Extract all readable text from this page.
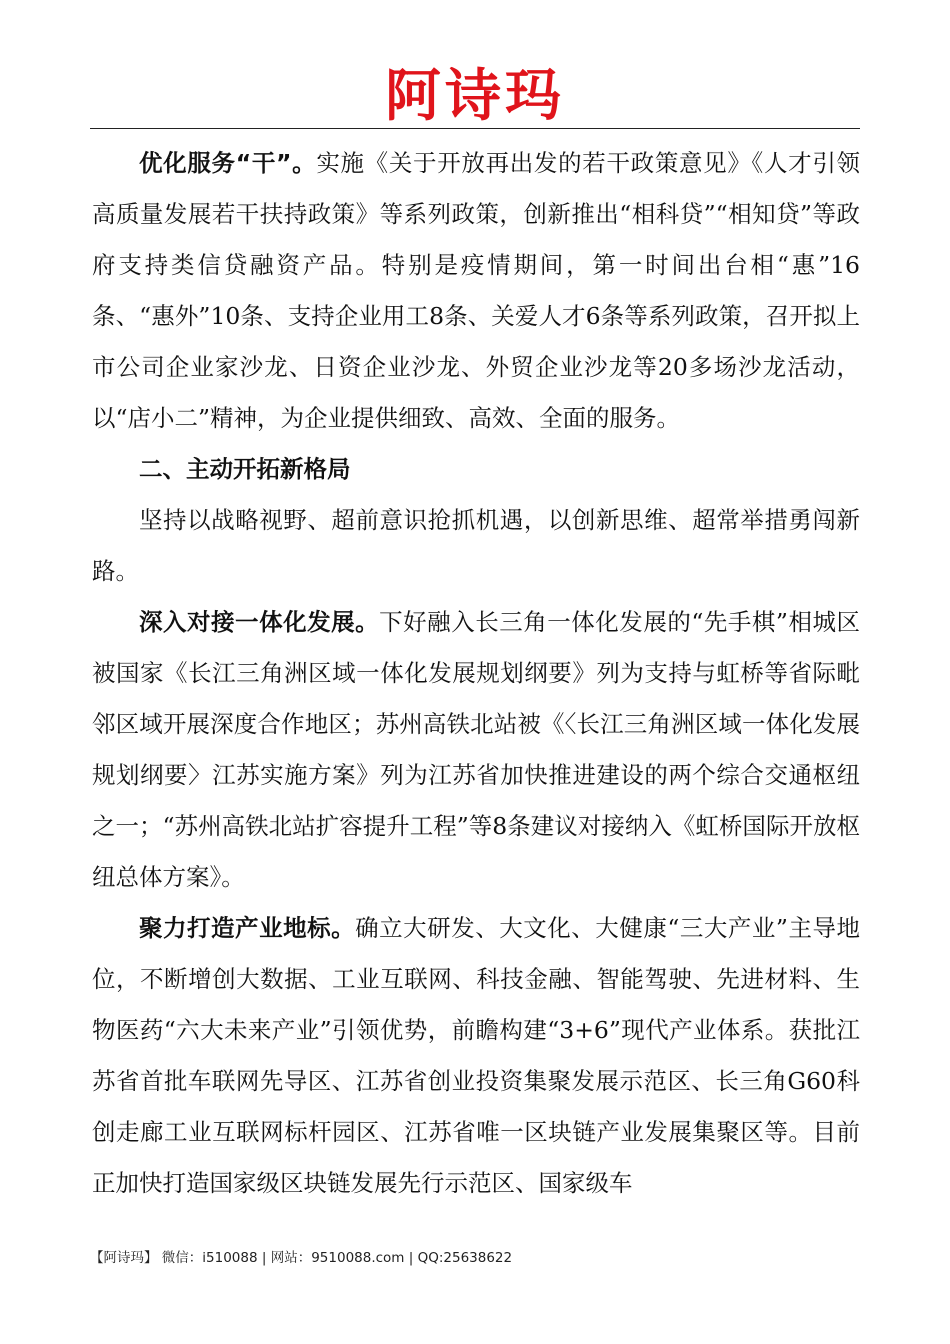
阿诗玛

优化服务“干”。实施《关于开放再出发的若干政策意见》《人才引领高质量发展若干扶持政策》等系列政策，创新推出“相科贷”“相知贷”等政府支持类信贷融资产品。特别是疫情期间，第一时间出台相“惠”16条、“惠外”10条、支持企业用工8条、关爱人才6条等系列政策，召开拟上市公司企业家沙龙、日资企业沙龙、外贸企业沙龙等20多场沙龙活动，以“店小二”精神，为企业提供细致、高效、全面的服务。

二、主动开拓新格局

坚持以战略视野、超前意识抢抓机遇，以创新思维、超常举措勇闯新路。

深入对接一体化发展。下好融入长三角一体化发展的“先手棋”相城区被国家《长江三角洲区域一体化发展规划纲要》列为支持与虹桥等省际毗邻区域开展深度合作地区；苏州高铁北站被《〈长江三角洲区域一体化发展规划纲要〉江苏实施方案》列为江苏省加快推进建设的两个综合交通枢纽之一；“苏州高铁北站扩容提升工程”等8条建议对接纳入《虹桥国际开放枢纽总体方案》。

聚力打造产业地标。确立大研发、大文化、大健康“三大产业”主导地位，不断增创大数据、工业互联网、科技金融、智能驾驶、先进材料、生物医药“六大未来产业”引领优势，前瞻构建“3+6”现代产业体系。获批江苏省首批车联网先导区、江苏省创业投资集聚发展示范区、长三角G60科创走廊工业互联网标杆园区、江苏省唯一区块链产业发展集聚区等。目前正加快打造国家级区块链发展先行示范区、国家级车

【阿诗玛】 微信：i510088 | 网站：9510088.com | QQ:25638622
